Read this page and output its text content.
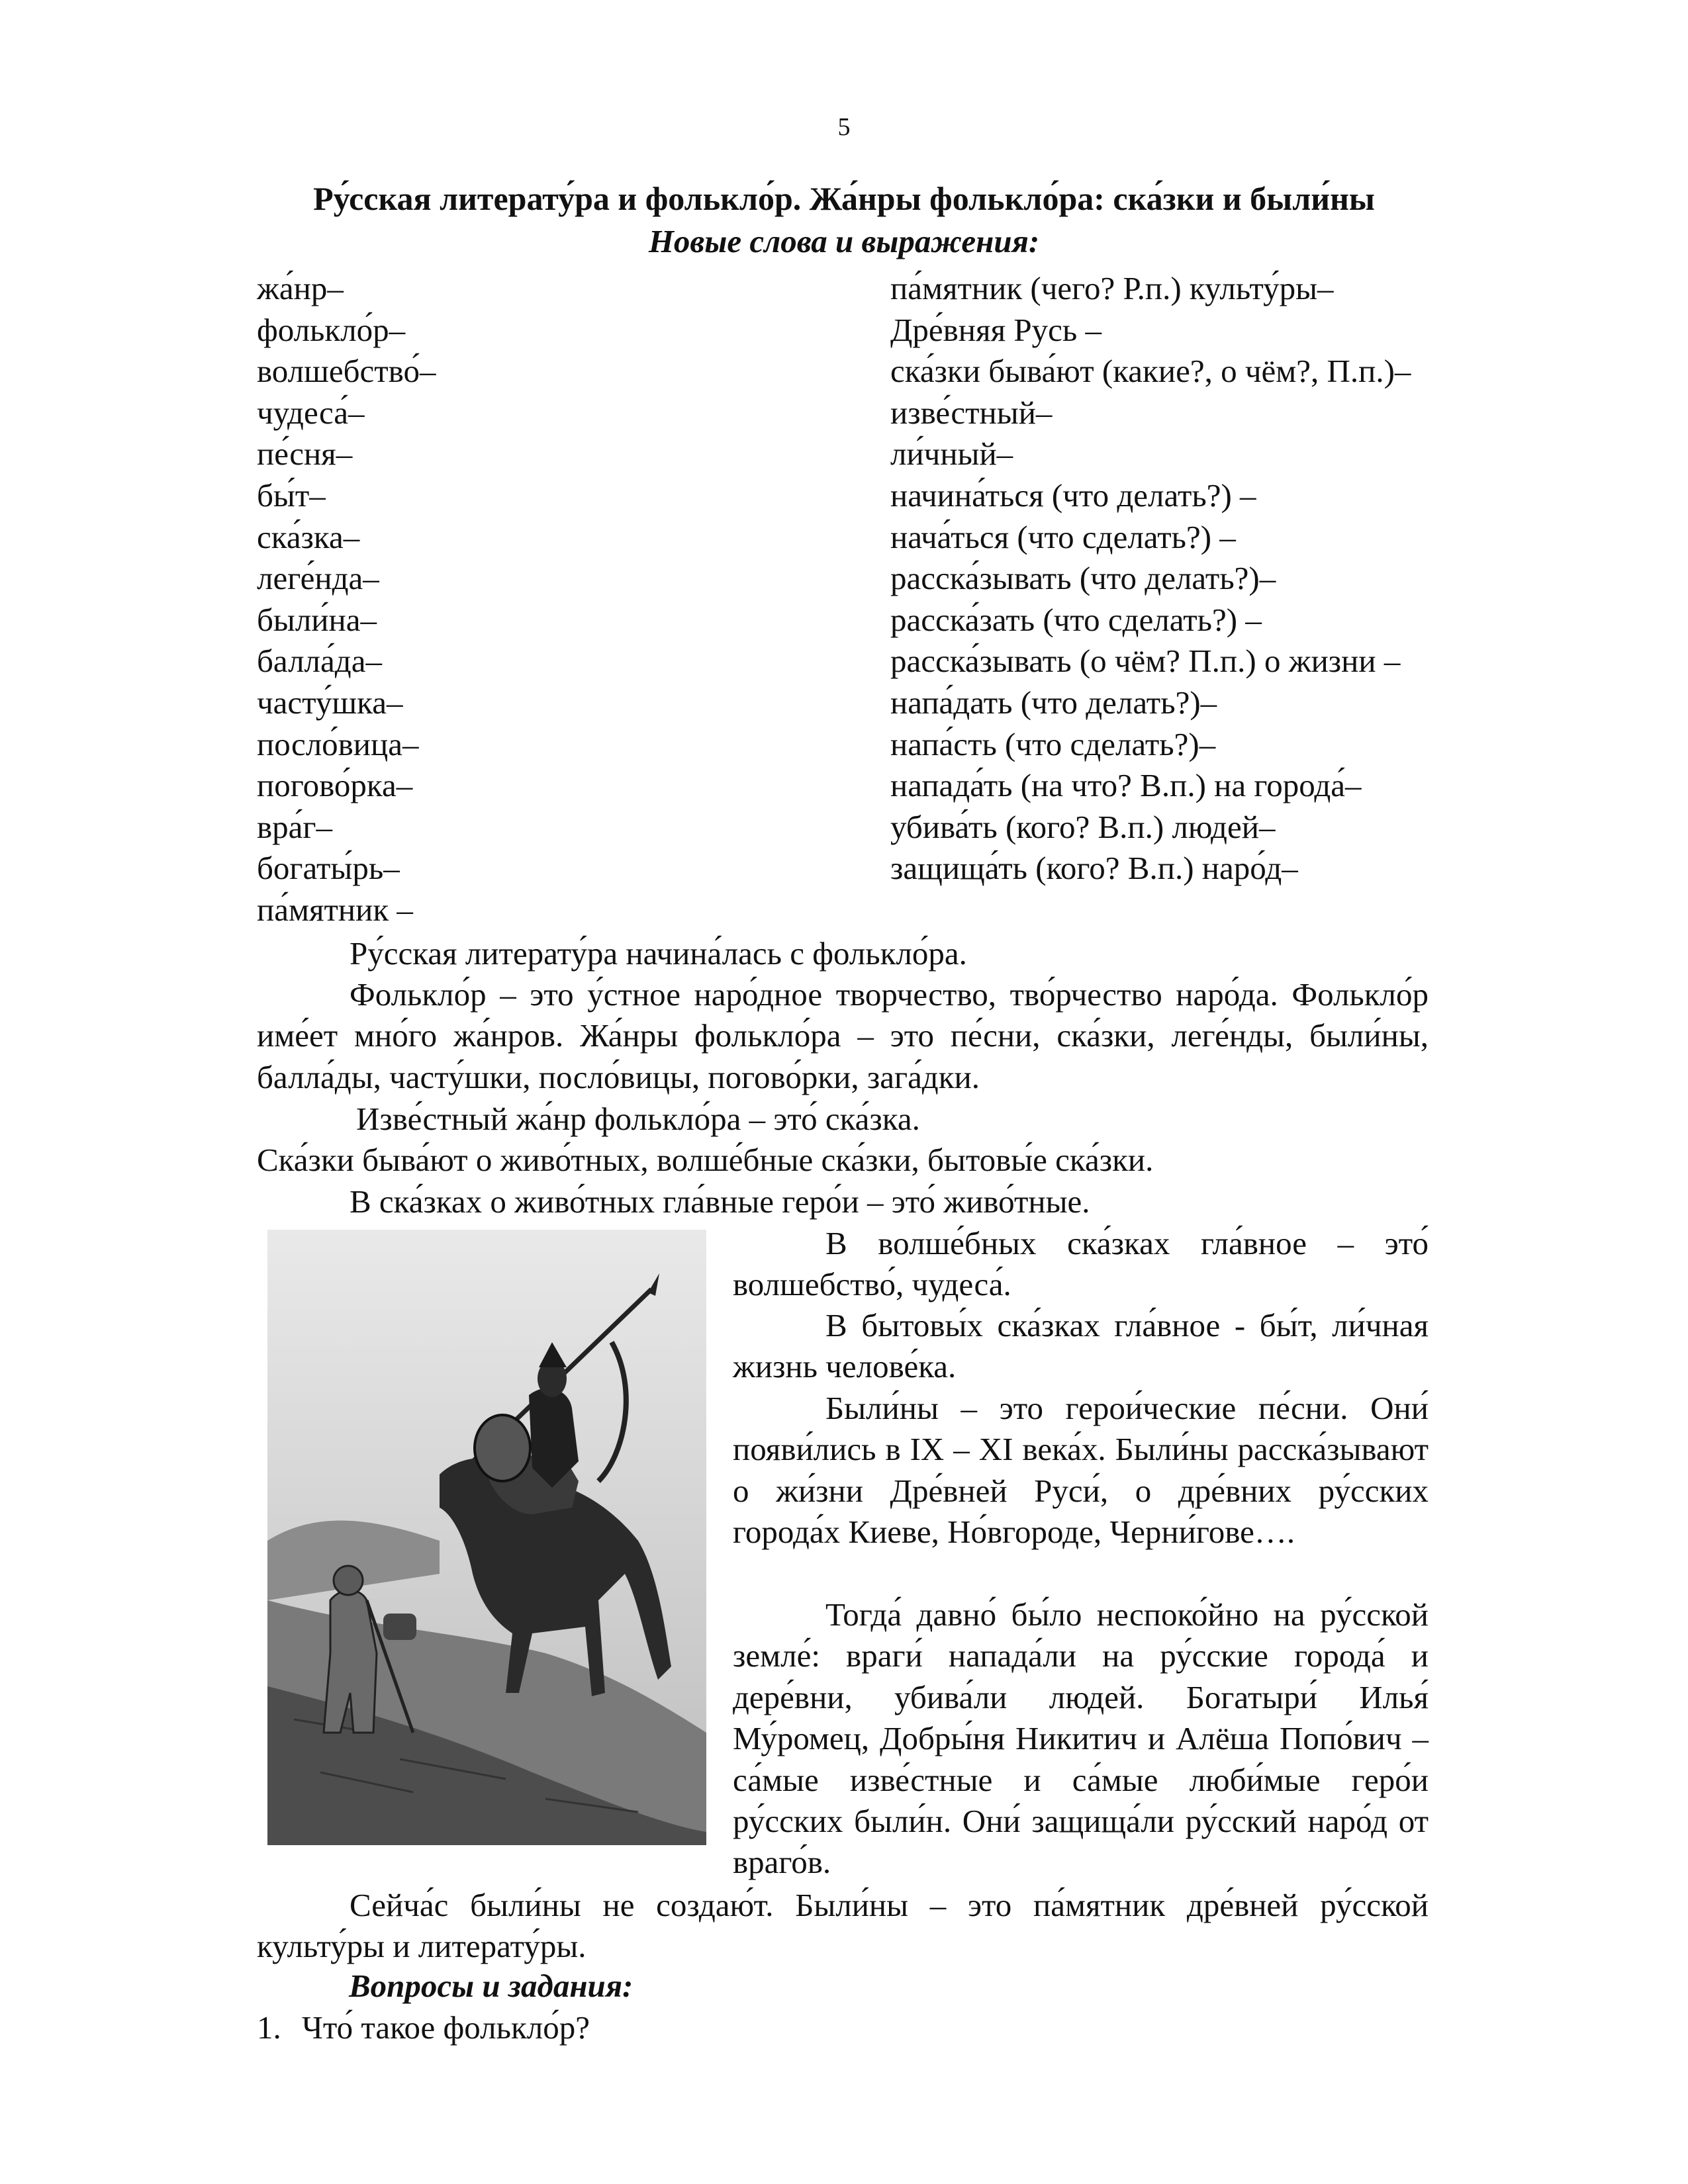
5
Ру́сская литерату́ра и фолькло́р. Жа́нры фолькло́ра: ска́зки и были́ны
Новые слова и выражения:
жа́нр–
фолькло́р–
волшебство́–
чудеса́–
пе́сня–
бы́т–
ска́зка–
леге́нда–
были́на–
балла́да–
часту́шка–
посло́вица–
погово́рка–
вра́г–
богаты́рь–
па́мятник –
па́мятник (чего? Р.п.) культу́ры–
Дре́вняя Русь –
ска́зки быва́ют (какие?, о чём?, П.п.)–
изве́стный–
ли́чный–
начина́ться (что делать?) –
нача́ться (что сделать?) –
расска́зывать (что делать?)–
расска́зать (что сделать?) –
расска́зывать (о чём? П.п.) о жизни –
напа́дать (что делать?)–
напа́сть (что сделать?)–
напада́ть (на что? В.п.) на города́–
убива́ть (кого? В.п.) людей–
защища́ть (кого? В.п.) наро́д–

Ру́сская литерату́ра начина́лась с фолькло́ра.

Фолькло́р – это у́стное наро́дное творчество, тво́рчество наро́да. Фолькло́р име́ет мно́го жа́нров. Жа́нры фолькло́ра – это пе́сни, ска́зки, леге́нды, были́ны, балла́ды, часту́шки, посло́вицы, погово́рки, зага́дки.

Изве́стный жа́нр фолькло́ра – это́ ска́зка.

Ска́зки быва́ют о живо́тных, волше́бные ска́зки, бытовы́е ска́зки.

В ска́зках о живо́тных гла́вные геро́и – это́ живо́тные.

В волше́бных ска́зках гла́вное – это́ волшебство́, чудеса́.

В бытовы́х ска́зках гла́вное - бы́т, ли́чная жизнь челове́ка.

Были́ны – это герои́ческие пе́сни. Они́ появи́лись в IX – XI века́х. Были́ны расска́зывают о жи́зни Дре́вней Руси́, о дре́вних ру́сских города́х Киеве, Но́вгороде, Черни́гове….

Тогда́ давно́ бы́ло неспоко́йно на ру́сской земле́: враги́ напада́ли на ру́сские города́ и дере́вни, убива́ли людей. Богатыри́ Илья́ Му́ромец, Добры́ня Никитич и Алёша Попо́вич – са́мые изве́стные и са́мые люби́мые геро́и ру́сских были́н. Они́ защища́ли ру́сский наро́д от враго́в.

Сейча́с были́ны не создаю́т. Были́ны – это па́мятник дре́вней ру́сской культу́ры и литерату́ры.

Вопросы и задания:
1. Что́ такое фолькло́р?
